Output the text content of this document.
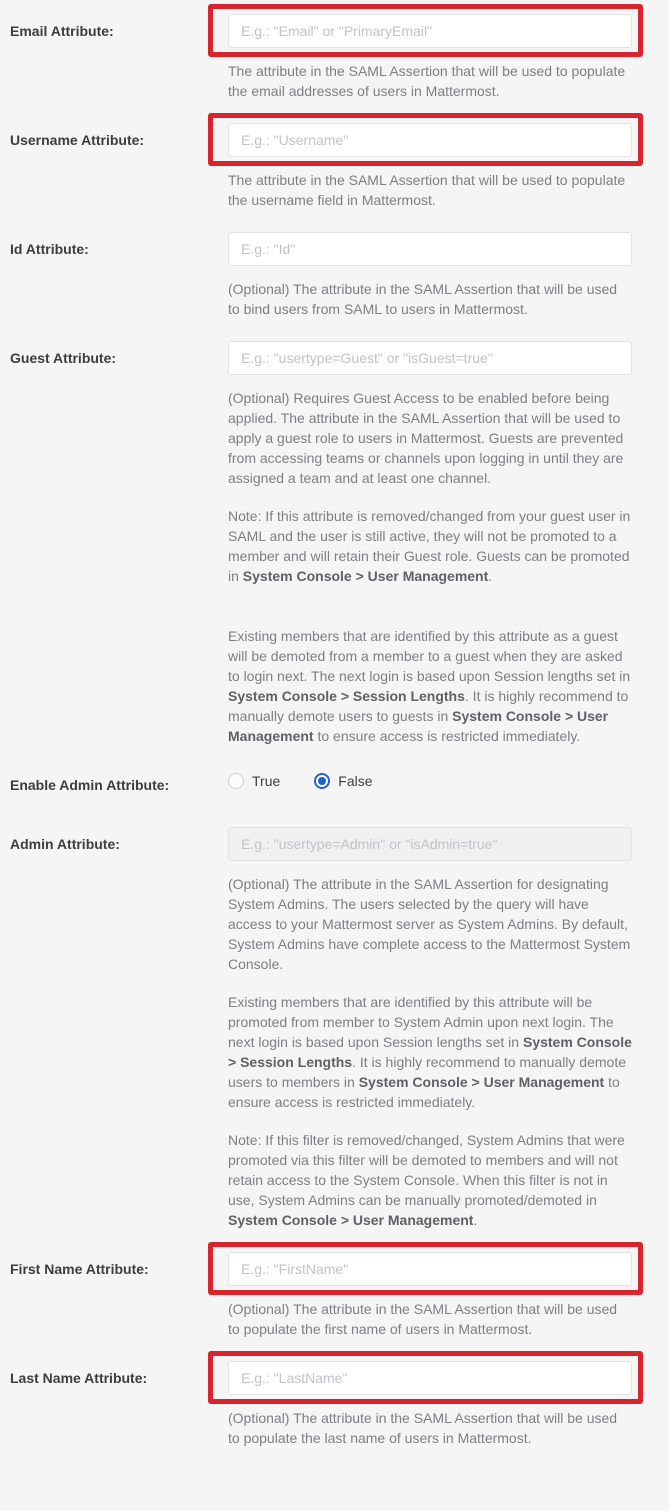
Email Attribute:
E.g.: "Email" or "PrimaryEmail"

The attribute in the SAML Assertion that will be used to populate the email addresses of users in Mattermost.

Username Attribute:
E.g.: "Username"

The attribute in the SAML Assertion that will be used to populate the username field in Mattermost.

Id Attribute:
E.g.: "Id"

(Optional) The attribute in the SAML Assertion that will be used to bind users from SAML to users in Mattermost.

Guest Attribute:
E.g.: "usertype=Guest" or "isGuest=true"

(Optional) Requires Guest Access to be enabled before being applied. The attribute in the SAML Assertion that will be used to apply a guest role to users in Mattermost. Guests are prevented from accessing teams or channels upon logging in until they are assigned a team and at least one channel.

Note: If this attribute is removed/changed from your guest user in SAML and the user is still active, they will not be promoted to a member and will retain their Guest role. Guests can be promoted in System Console > User Management.

Existing members that are identified by this attribute as a guest will be demoted from a member to a guest when they are asked to login next. The next login is based upon Session lengths set in System Console > Session Lengths. It is highly recommend to manually demote users to guests in System Console > User Management to ensure access is restricted immediately.

Enable Admin Attribute:	True	False
Admin Attribute:
E.g.: "usertype=Admin" or "isAdmin=true"

(Optional) The attribute in the SAML Assertion for designating System Admins. The users selected by the query will have access to your Mattermost server as System Admins. By default, System Admins have complete access to the Mattermost System Console.

Existing members that are identified by this attribute will be promoted from member to System Admin upon next login. The next login is based upon Session lengths set in System Console > Session Lengths. It is highly recommend to manually demote users to members in System Console > User Management to ensure access is restricted immediately.

Note: If this filter is removed/changed, System Admins that were promoted via this filter will be demoted to members and will not retain access to the System Console. When this filter is not in use, System Admins can be manually promoted/demoted in System Console > User Management.

First Name Attribute:
E.g.: "FirstName"

(Optional) The attribute in the SAML Assertion that will be used to populate the first name of users in Mattermost.

Last Name Attribute:
E.g.: "LastName"

(Optional) The attribute in the SAML Assertion that will be used to populate the last name of users in Mattermost.
